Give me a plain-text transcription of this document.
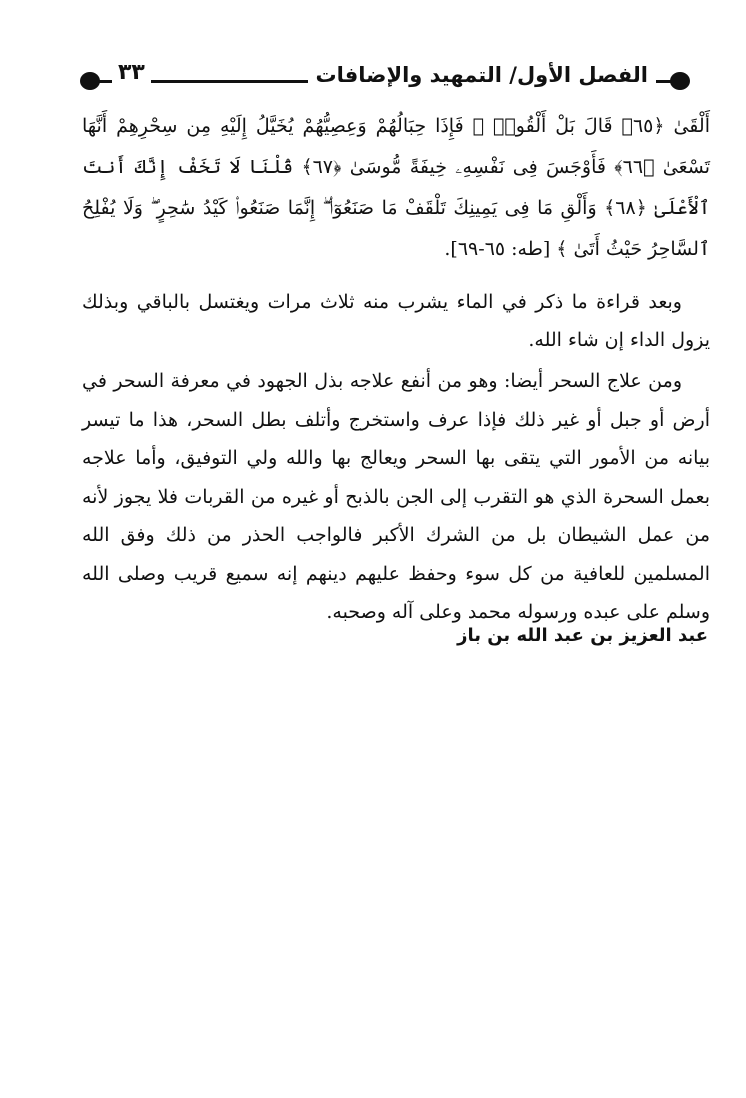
الفصل الأول/ التمهيد والإضافات
٣٣
أَلْقَىٰ ﴿٦٥﴾ قَالَ بَلْ أَلْقُوا۟ ۖ فَإِذَا حِبَالُهُمْ وَعِصِيُّهُمْ يُخَيَّلُ إِلَيْهِ مِن سِحْرِهِمْ أَنَّهَا تَسْعَىٰ ﴿٦٦﴾ فَأَوْجَسَ فِى نَفْسِهِۦ خِيفَةً مُّوسَىٰ ﴿٦٧﴾ قُلْنَا لَا تَخَفْ إِنَّكَ أَنتَ ٱلْأَعْلَىٰ ﴿٦٨﴾ وَأَلْقِ مَا فِى يَمِينِكَ تَلْقَفْ مَا صَنَعُوٓا۟ ۖ إِنَّمَا صَنَعُوا۟ كَيْدُ سَٰحِرٍ ۖ وَلَا يُفْلِحُ ٱلسَّاحِرُ حَيْثُ أَتَىٰ ﴾ [طه: ٦٥-٦٩].
وبعد قراءة ما ذكر في الماء يشرب منه ثلاث مرات ويغتسل بالباقي وبذلك يزول الداء إن شاء الله.
ومن علاج السحر أيضا: وهو من أنفع علاجه بذل الجهود في معرفة السحر في أرض أو جبل أو غير ذلك فإذا عرف واستخرج وأتلف بطل السحر، هذا ما تيسر بيانه من الأمور التي يتقى بها السحر ويعالج بها والله ولي التوفيق، وأما علاجه بعمل السحرة الذي هو التقرب إلى الجن بالذبح أو غيره من القربات فلا يجوز لأنه من عمل الشيطان بل من الشرك الأكبر فالواجب الحذر من ذلك وفق الله المسلمين للعافية من كل سوء وحفظ عليهم دينهم إنه سميع قريب وصلى الله وسلم على عبده ورسوله محمد وعلى آله وصحبه.
عبد العزيز بن عبد الله بن باز
